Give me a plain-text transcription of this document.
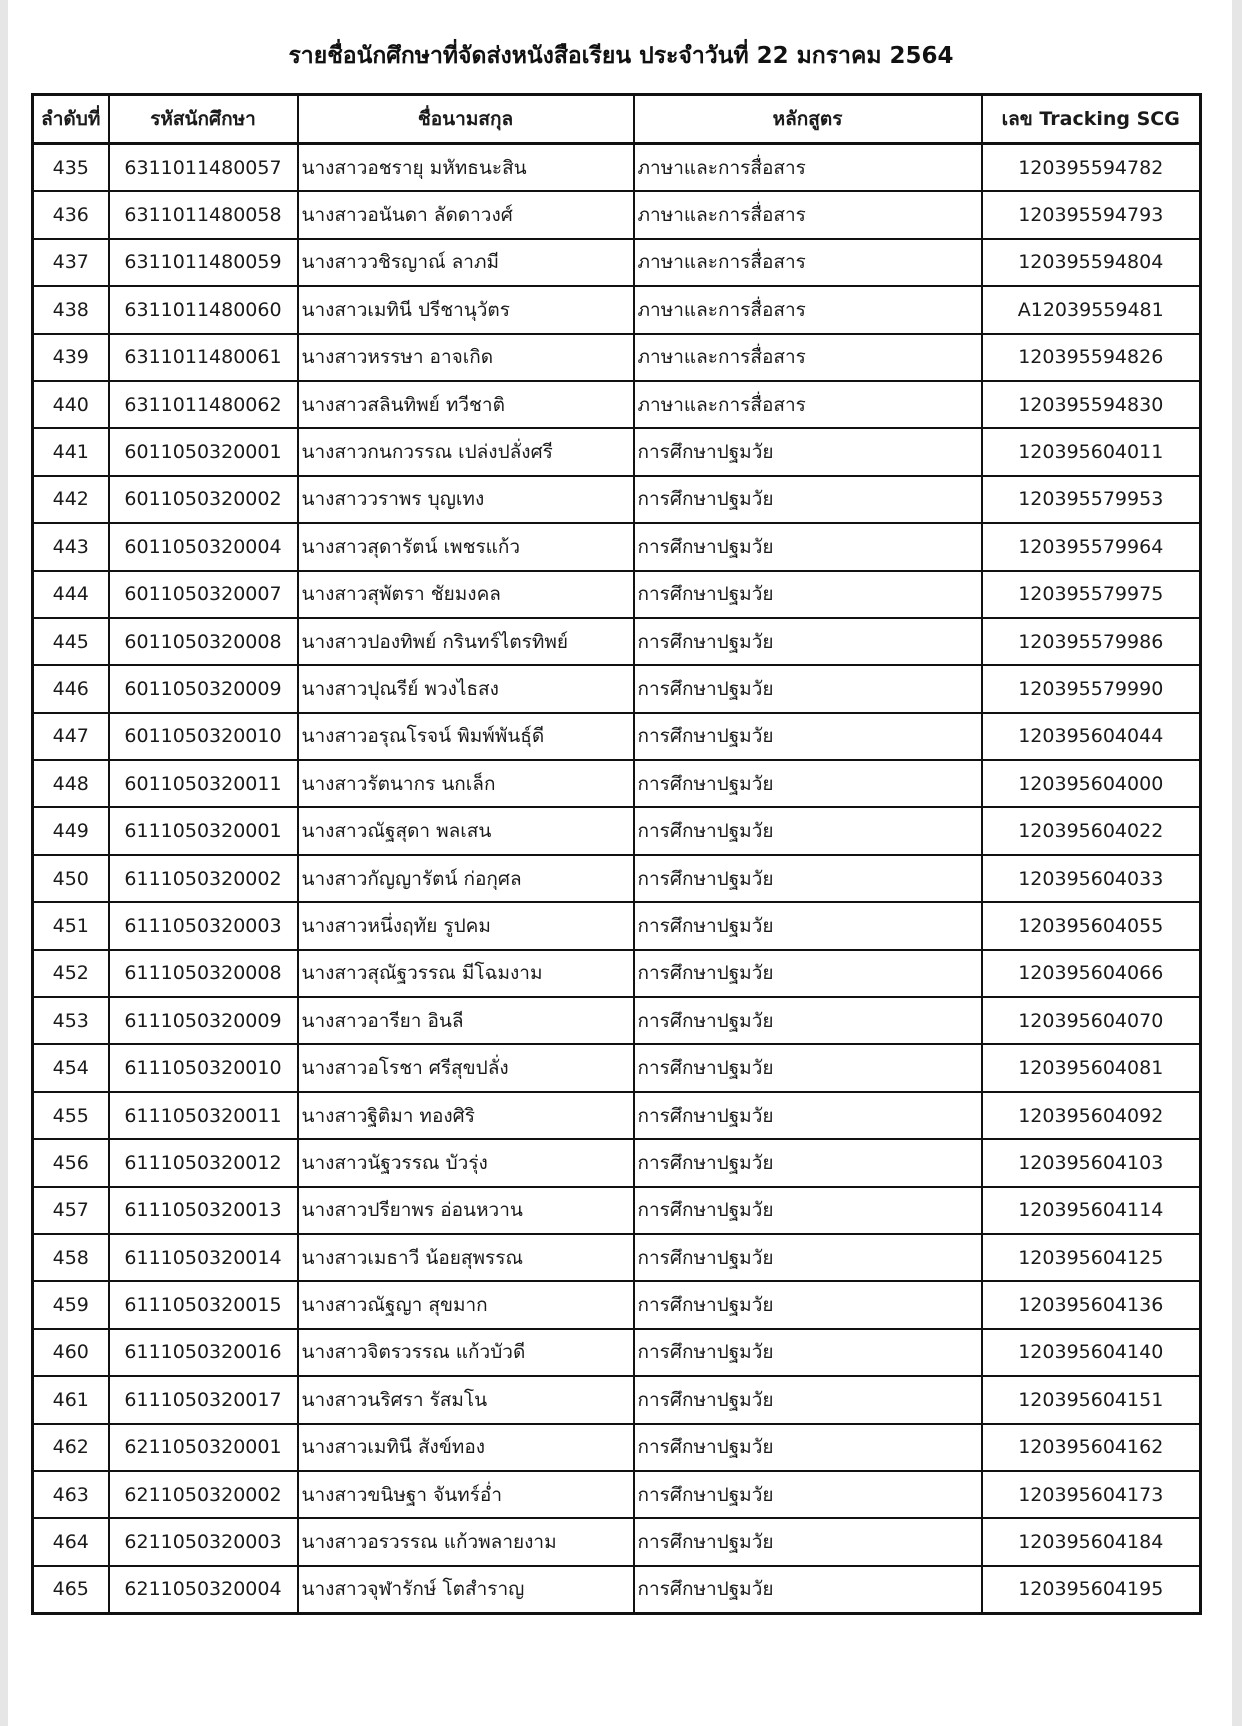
รายชื่อนักศึกษาที่จัดส่งหนังสือเรียน ประจำวันที่ 22 มกราคม 2564
ลำดับที่	รหัสนักศึกษา	ชื่อนามสกุล	หลักสูตร	เลข Tracking SCG
435	6311011480057	นางสาวอชรายุ มหัทธนะสิน	ภาษาและการสื่อสาร	120395594782
436	6311011480058	นางสาวอนันดา ลัดดาวงศ์	ภาษาและการสื่อสาร	120395594793
437	6311011480059	นางสาววชิรญาณ์ ลาภมี	ภาษาและการสื่อสาร	120395594804
438	6311011480060	นางสาวเมทินี ปรีชานุวัตร	ภาษาและการสื่อสาร	A12039559481
439	6311011480061	นางสาวหรรษา อาจเกิด	ภาษาและการสื่อสาร	120395594826
440	6311011480062	นางสาวสลินทิพย์ ทวีชาติ	ภาษาและการสื่อสาร	120395594830
441	6011050320001	นางสาวกนกวรรณ เปล่งปลั่งศรี	การศึกษาปฐมวัย	120395604011
442	6011050320002	นางสาววราพร บุญเทง	การศึกษาปฐมวัย	120395579953
443	6011050320004	นางสาวสุดารัตน์ เพชรแก้ว	การศึกษาปฐมวัย	120395579964
444	6011050320007	นางสาวสุพัตรา ชัยมงคล	การศึกษาปฐมวัย	120395579975
445	6011050320008	นางสาวปองทิพย์ กรินทร์ไตรทิพย์	การศึกษาปฐมวัย	120395579986
446	6011050320009	นางสาวปุณรีย์ พวงไธสง	การศึกษาปฐมวัย	120395579990
447	6011050320010	นางสาวอรุณโรจน์ พิมพ์พันธุ์ดี	การศึกษาปฐมวัย	120395604044
448	6011050320011	นางสาวรัตนากร นกเล็ก	การศึกษาปฐมวัย	120395604000
449	6111050320001	นางสาวณัฐสุดา พลเสน	การศึกษาปฐมวัย	120395604022
450	6111050320002	นางสาวกัญญารัตน์ ก่อกุศล	การศึกษาปฐมวัย	120395604033
451	6111050320003	นางสาวหนึ่งฤทัย รูปคม	การศึกษาปฐมวัย	120395604055
452	6111050320008	นางสาวสุณัฐวรรณ มีโฉมงาม	การศึกษาปฐมวัย	120395604066
453	6111050320009	นางสาวอารียา อินลี	การศึกษาปฐมวัย	120395604070
454	6111050320010	นางสาวอโรชา ศรีสุขปลั่ง	การศึกษาปฐมวัย	120395604081
455	6111050320011	นางสาวฐิติมา ทองศิริ	การศึกษาปฐมวัย	120395604092
456	6111050320012	นางสาวนัฐวรรณ บัวรุ่ง	การศึกษาปฐมวัย	120395604103
457	6111050320013	นางสาวปรียาพร อ่อนหวาน	การศึกษาปฐมวัย	120395604114
458	6111050320014	นางสาวเมธาวี น้อยสุพรรณ	การศึกษาปฐมวัย	120395604125
459	6111050320015	นางสาวณัฐญา สุขมาก	การศึกษาปฐมวัย	120395604136
460	6111050320016	นางสาวจิตรวรรณ แก้วบัวดี	การศึกษาปฐมวัย	120395604140
461	6111050320017	นางสาวนริศรา รัสมโน	การศึกษาปฐมวัย	120395604151
462	6211050320001	นางสาวเมทินี สังข์ทอง	การศึกษาปฐมวัย	120395604162
463	6211050320002	นางสาวขนิษฐา จันทร์อ่ำ	การศึกษาปฐมวัย	120395604173
464	6211050320003	นางสาวอรวรรณ แก้วพลายงาม	การศึกษาปฐมวัย	120395604184
465	6211050320004	นางสาวจุฬารักษ์ โตสำราญ	การศึกษาปฐมวัย	120395604195
